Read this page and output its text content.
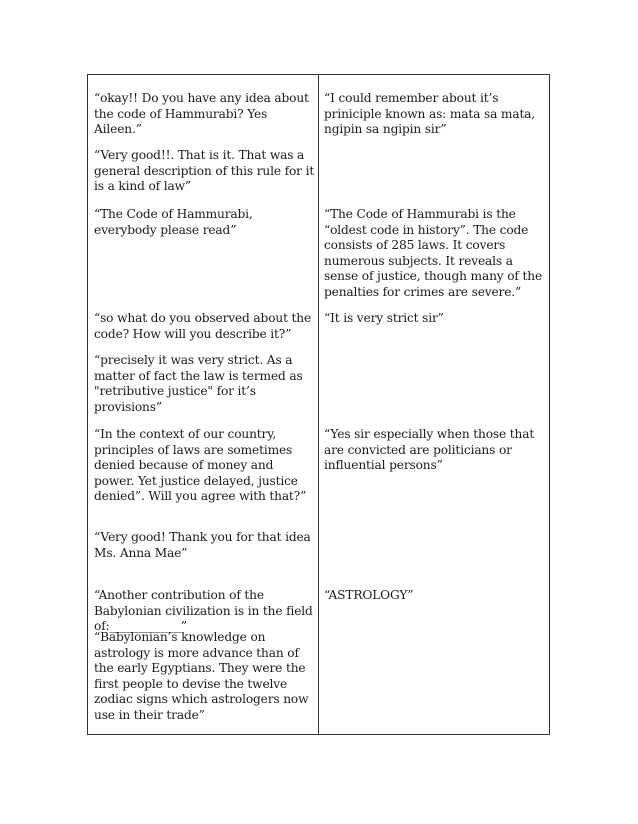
“okay!! Do you have any idea about the code of Hammurabi? Yes Aileen.”
“Very good!!. That is it. That was a general description of this rule for it is a kind of law”
“The Code of Hammurabi, everybody please read”
“so what do you observed about the code? How will you describe it?”
“precisely it was very strict. As a matter of fact the law is termed as "retributive justice" for it’s provisions”
“In the context of our country, principles of laws are sometimes denied because of money and power. Yet justice delayed, justice denied”. Will you agree with that?”
“Very good! Thank you for that idea Ms. Anna Mae”
“Another contribution of the Babylonian civilization is in the field of:____________”
“Babylonian’s knowledge on astrology is more advance than of the early Egyptians. They were the first people to devise the twelve zodiac signs which astrologers now use in their trade”
“I could remember about it’s priniciple known as: mata sa mata, ngipin sa ngipin sir”
“The Code of Hammurabi is the “oldest code in history”. The code consists of 285 laws. It covers numerous subjects. It reveals a sense of justice, though many of the penalties for crimes are severe.”
“It is very strict sir”
“Yes sir especially when those that are convicted are politicians or influential persons”
“ASTROLOGY”
